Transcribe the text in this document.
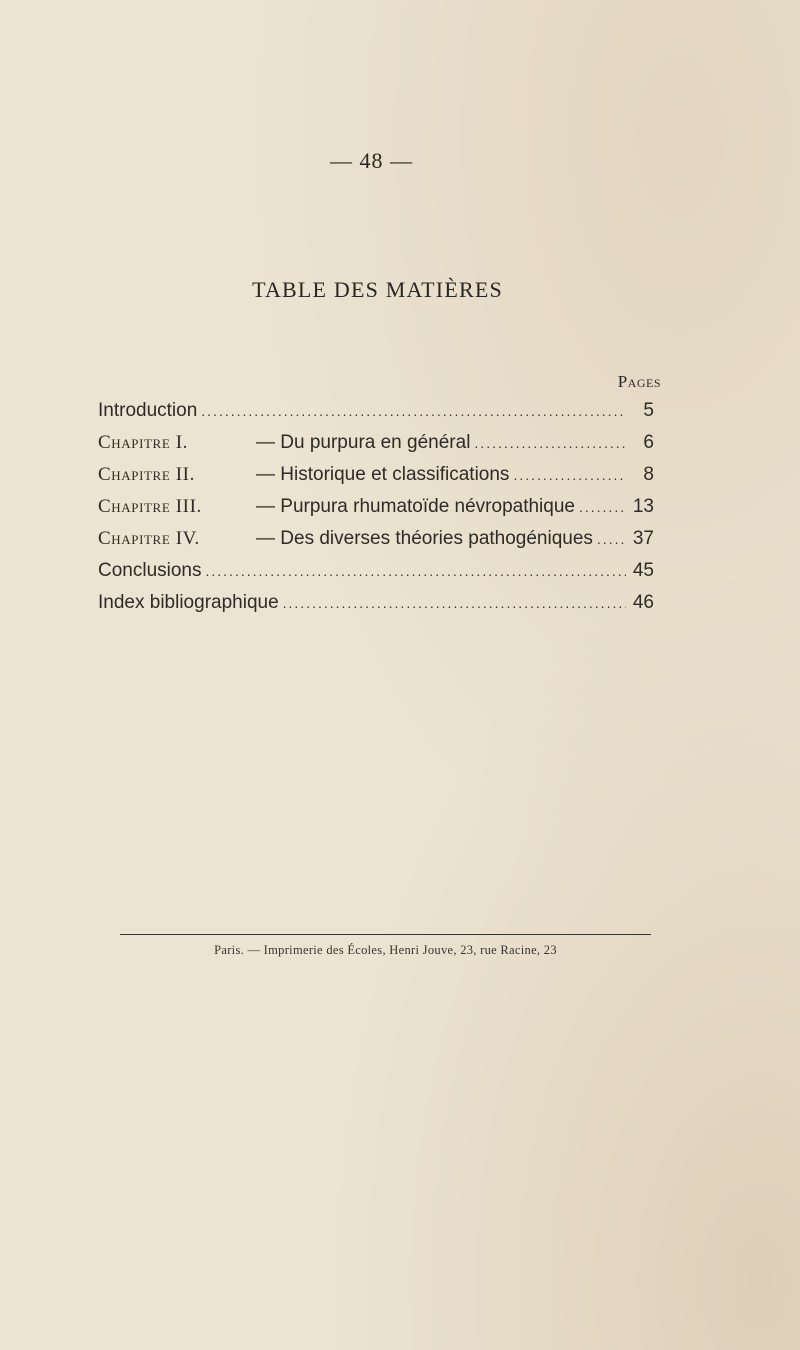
— 48 —
TABLE DES MATIÈRES
Pages
Introduction .....	5
Chapitre I.	— Du purpura en général .....	6
Chapitre II.	— Historique et classifications .....	8
Chapitre III.	— Purpura rhumatoïde névropathique .....	13
Chapitre IV.	— Des diverses théories pathogéniques ..... 37
Conclusions .....	45
Index bibliographique .....	46
Paris. — Imprimerie des Écoles, Henri Jouve, 23, rue Racine, 23
